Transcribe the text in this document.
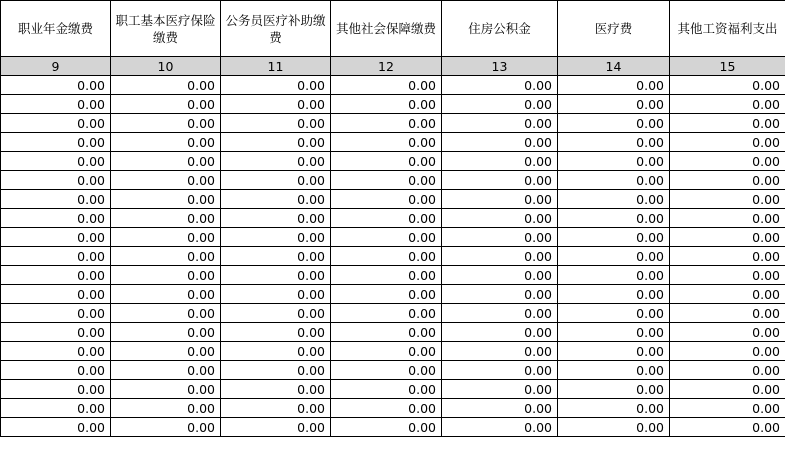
职业年金缴费	职工基本医疗保险缴费	公务员医疗补助缴费	其他社会保障缴费	住房公积金	医疗费	其他工资福利支出
9	10	11	12	13	14	15
0.00	0.00	0.00	0.00	0.00	0.00	0.00
0.00	0.00	0.00	0.00	0.00	0.00	0.00
0.00	0.00	0.00	0.00	0.00	0.00	0.00
0.00	0.00	0.00	0.00	0.00	0.00	0.00
0.00	0.00	0.00	0.00	0.00	0.00	0.00
0.00	0.00	0.00	0.00	0.00	0.00	0.00
0.00	0.00	0.00	0.00	0.00	0.00	0.00
0.00	0.00	0.00	0.00	0.00	0.00	0.00
0.00	0.00	0.00	0.00	0.00	0.00	0.00
0.00	0.00	0.00	0.00	0.00	0.00	0.00
0.00	0.00	0.00	0.00	0.00	0.00	0.00
0.00	0.00	0.00	0.00	0.00	0.00	0.00
0.00	0.00	0.00	0.00	0.00	0.00	0.00
0.00	0.00	0.00	0.00	0.00	0.00	0.00
0.00	0.00	0.00	0.00	0.00	0.00	0.00
0.00	0.00	0.00	0.00	0.00	0.00	0.00
0.00	0.00	0.00	0.00	0.00	0.00	0.00
0.00	0.00	0.00	0.00	0.00	0.00	0.00
0.00	0.00	0.00	0.00	0.00	0.00	0.00
